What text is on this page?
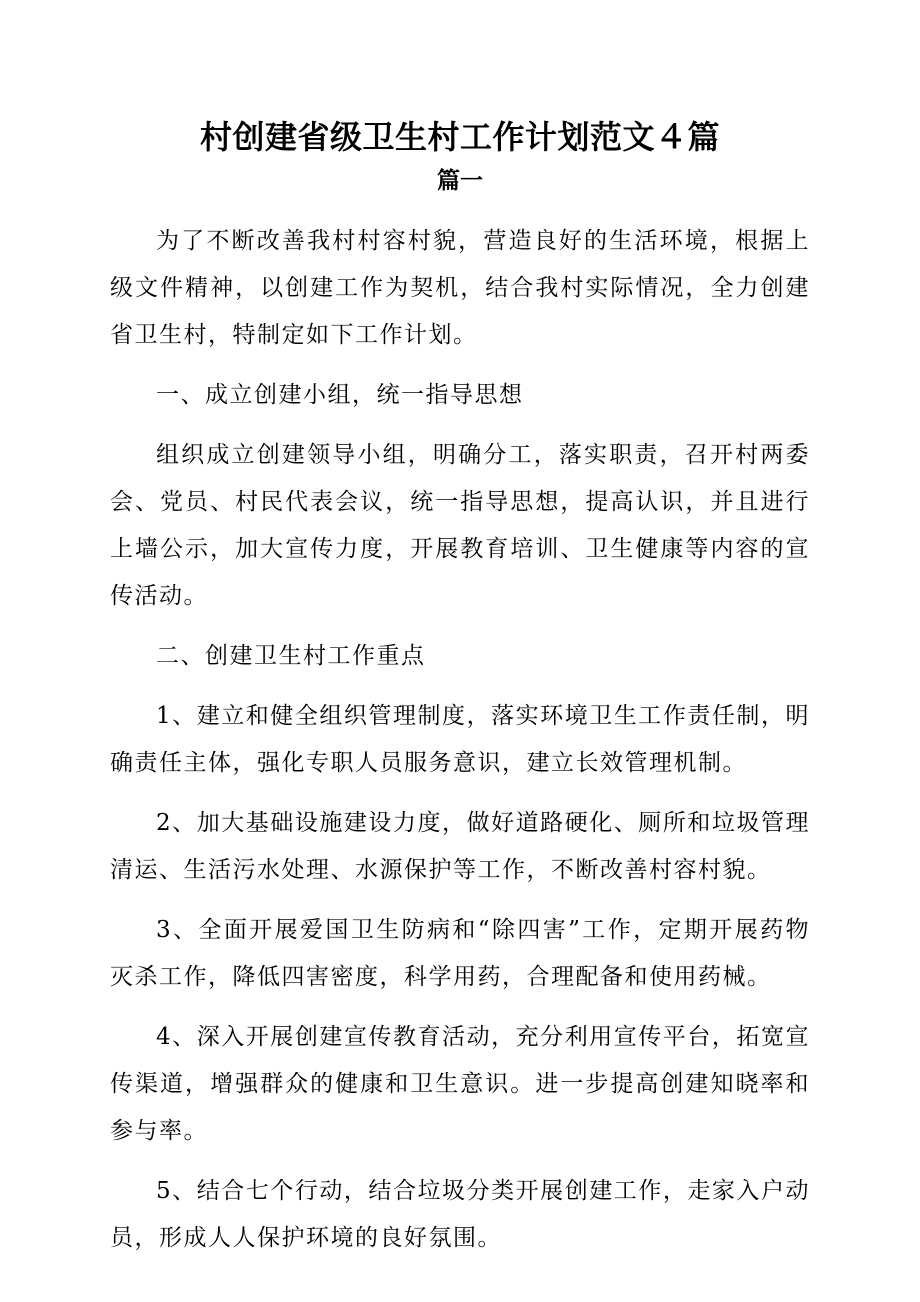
村创建省级卫生村工作计划范文４篇
篇一

为了不断改善我村村容村貌，营造良好的生活环境，根据上级文件精神，以创建工作为契机，结合我村实际情况，全力创建省卫生村，特制定如下工作计划。

一、成立创建小组，统一指导思想

组织成立创建领导小组，明确分工，落实职责，召开村两委会、党员、村民代表会议，统一指导思想，提高认识，并且进行上墙公示，加大宣传力度，开展教育培训、卫生健康等内容的宣传活动。

二、创建卫生村工作重点

1、建立和健全组织管理制度，落实环境卫生工作责任制，明确责任主体，强化专职人员服务意识，建立长效管理机制。

2、加大基础设施建设力度，做好道路硬化、厕所和垃圾管理清运、生活污水处理、水源保护等工作，不断改善村容村貌。

3、全面开展爱国卫生防病和“除四害”工作，定期开展药物灭杀工作，降低四害密度，科学用药，合理配备和使用药械。

4、深入开展创建宣传教育活动，充分利用宣传平台，拓宽宣传渠道，增强群众的健康和卫生意识。进一步提高创建知晓率和参与率。

5、结合七个行动，结合垃圾分类开展创建工作，走家入户动员，形成人人保护环境的良好氛围。
